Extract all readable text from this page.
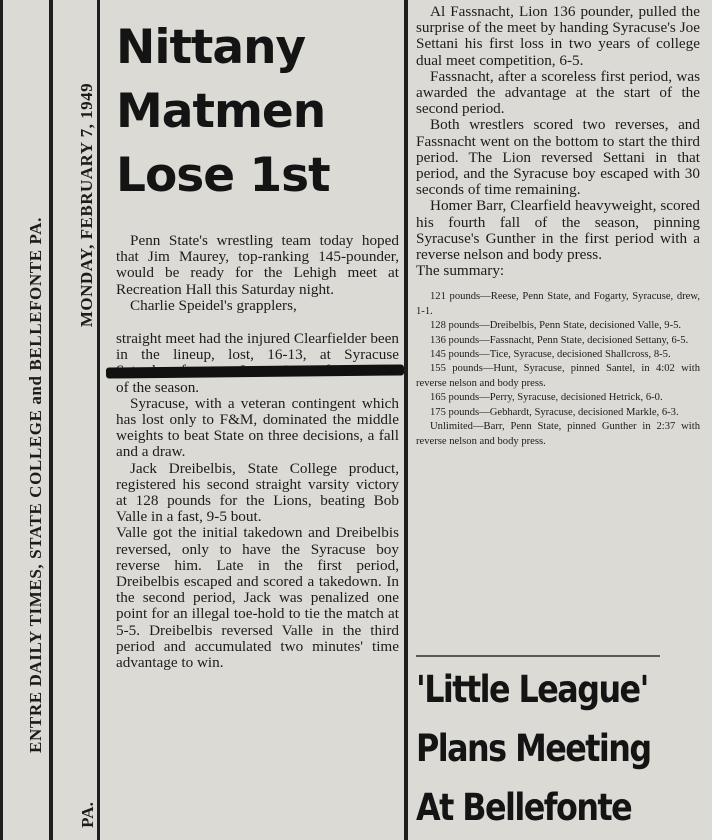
ENTRE DAILY TIMES, STATE COLLEGE and BELLEFONTE PA.
MONDAY, FEBRUARY 7, 1949
PA.
Nittany
Matmen
Lose 1st

Penn State's wrestling team today hoped that Jim Maurey, top-ranking 145-pounder, would be ready for the Lehigh meet at Recreation Hall this Saturday night.

Charlie Speidel's grapplers,

straight meet had the injured Clearfielder been in the lineup, lost, 16-13, at Syracuse of the season.

Syracuse, with a veteran contingent which has lost only to F&M, dominated the middle weights to beat State on three decisions, a fall and a draw.

Jack Dreibelbis, State College product, registered his second straight varsity victory at 128 pounds for the Lions, beating Bob Valle in a fast, 9-5 bout.

Valle got the initial takedown and Dreibelbis reversed, only to have the Syracuse boy reverse him. Late in the first period, Dreibelbis escaped and scored a takedown. In the second period, Jack was penalized one point for an illegal toe-hold to tie the match at 5-5. Dreibelbis reversed Valle in the third period and accumulated two minutes' time advantage to win.

Al Fassnacht, Lion 136 pounder, pulled the surprise of the meet by handing Syracuse's Joe Settani his first loss in two years of college dual meet competition, 6-5.

Fassnacht, after a scoreless first period, was awarded the advantage at the start of the second period.

Both wrestlers scored two reverses, and Fassnacht went on the bottom to start the third period. The Lion reversed Settani in that period, and the Syracuse boy escaped with 30 seconds of time remaining.

Homer Barr, Clearfield heavyweight, scored his fourth fall of the season, pinning Syracuse's Gunther in the first period with a reverse nelson and body press.

The summary:

121 pounds—Reese, Penn State, and Fogarty, Syracuse, drew, 1-1.

128 pounds—Dreibelbis, Penn State, decisioned Valle, 9-5.

136 pounds—Fassnacht, Penn State, decisioned Settany, 6-5.

145 pounds—Tice, Syracuse, decisioned Shallcross, 8-5.

155 pounds—Hunt, Syracuse, pinned Santel, in 4:02 with reverse nelson and body press.

165 pounds—Perry, Syracuse, decisioned Hetrick, 6-0.

175 pounds—Gebhardt, Syracuse, decisioned Markle, 6-3.

Unlimited—Barr, Penn State, pinned Gunther in 2:37 with reverse nelson and body press.

'Little League'
Plans Meeting
At Bellefonte
